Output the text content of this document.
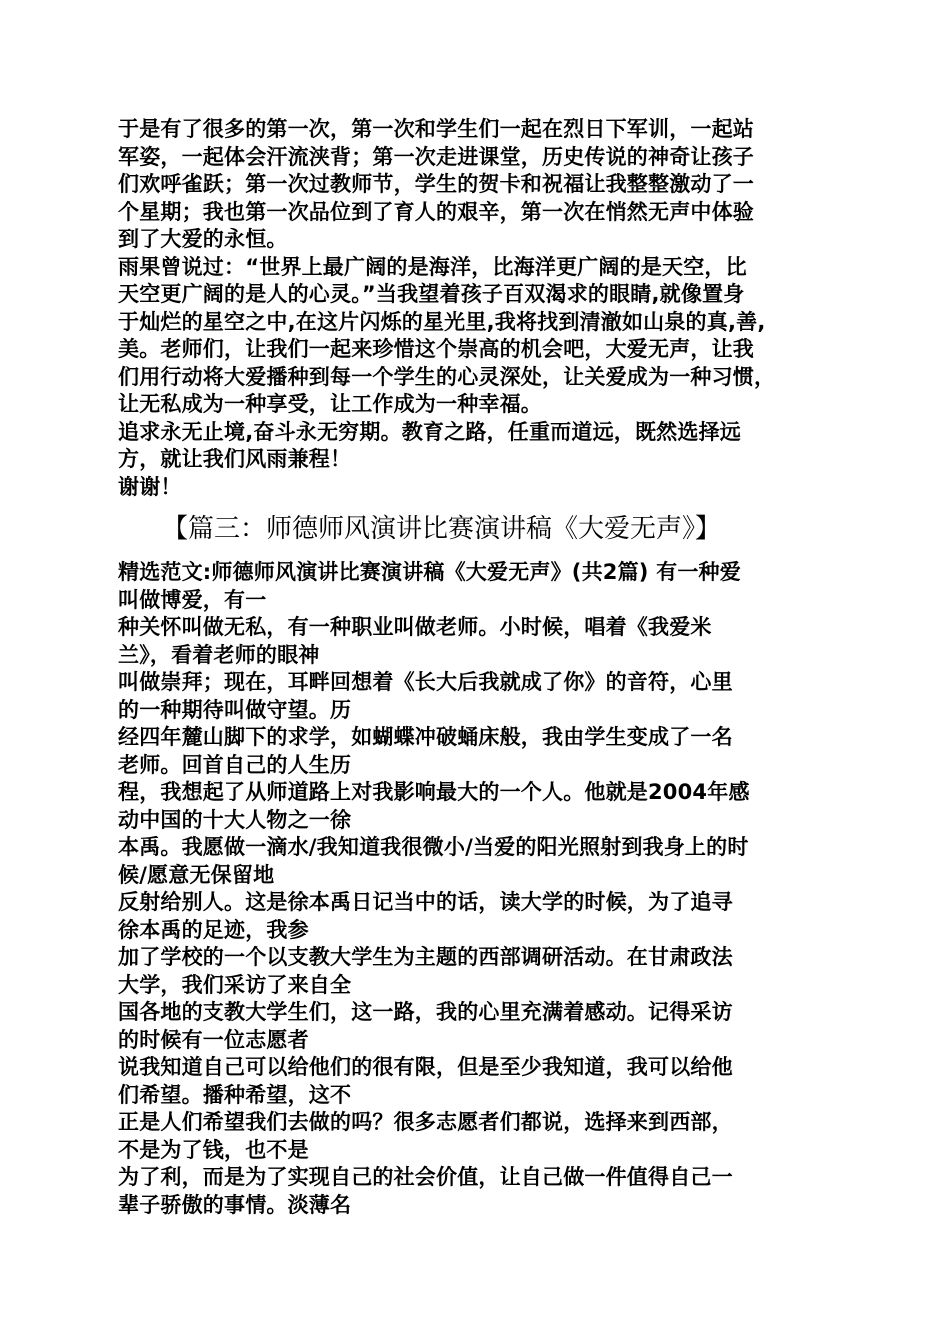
于是有了很多的第一次，第一次和学生们一起在烈日下军训，一起站
军姿，一起体会汗流浃背；第一次走进课堂，历史传说的神奇让孩子
们欢呼雀跃；第一次过教师节，学生的贺卡和祝福让我整整激动了一
个星期；我也第一次品位到了育人的艰辛，第一次在悄然无声中体验
到了大爱的永恒。
雨果曾说过：“世界上最广阔的是海洋，比海洋更广阔的是天空，比
天空更广阔的是人的心灵。”当我望着孩子百双渴求的眼睛,就像置身
于灿烂的星空之中,在这片闪烁的星光里,我将找到清澈如山泉的真,善,
美。老师们，让我们一起来珍惜这个崇高的机会吧，大爱无声，让我
们用行动将大爱播种到每一个学生的心灵深处，让关爱成为一种习惯，
让无私成为一种享受，让工作成为一种幸福。
追求永无止境,奋斗永无穷期。教育之路，任重而道远，既然选择远
方，就让我们风雨兼程！
谢谢！
【篇三：师德师风演讲比赛演讲稿《大爱无声》】
精选范文:师德师风演讲比赛演讲稿《大爱无声》(共2篇) 有一种爱
叫做博爱，有一
种关怀叫做无私，有一种职业叫做老师。小时候，唱着《我爱米
兰》，看着老师的眼神
叫做崇拜；现在，耳畔回想着《长大后我就成了你》的音符，心里
的一种期待叫做守望。历
经四年麓山脚下的求学，如蝴蝶冲破蛹床般，我由学生变成了一名
老师。回首自己的人生历
程，我想起了从师道路上对我影响最大的一个人。他就是2004年感
动中国的十大人物之一徐
本禹。我愿做一滴水/我知道我很微小/当爱的阳光照射到我身上的时
候/愿意无保留地
反射给别人。这是徐本禹日记当中的话，读大学的时候，为了追寻
徐本禹的足迹，我参
加了学校的一个以支教大学生为主题的西部调研活动。在甘肃政法
大学，我们采访了来自全
国各地的支教大学生们，这一路，我的心里充满着感动。记得采访
的时候有一位志愿者
说我知道自己可以给他们的很有限，但是至少我知道，我可以给他
们希望。播种希望，这不
正是人们希望我们去做的吗？很多志愿者们都说，选择来到西部，
不是为了钱，也不是
为了利，而是为了实现自己的社会价值，让自己做一件值得自己一
辈子骄傲的事情。淡薄名
